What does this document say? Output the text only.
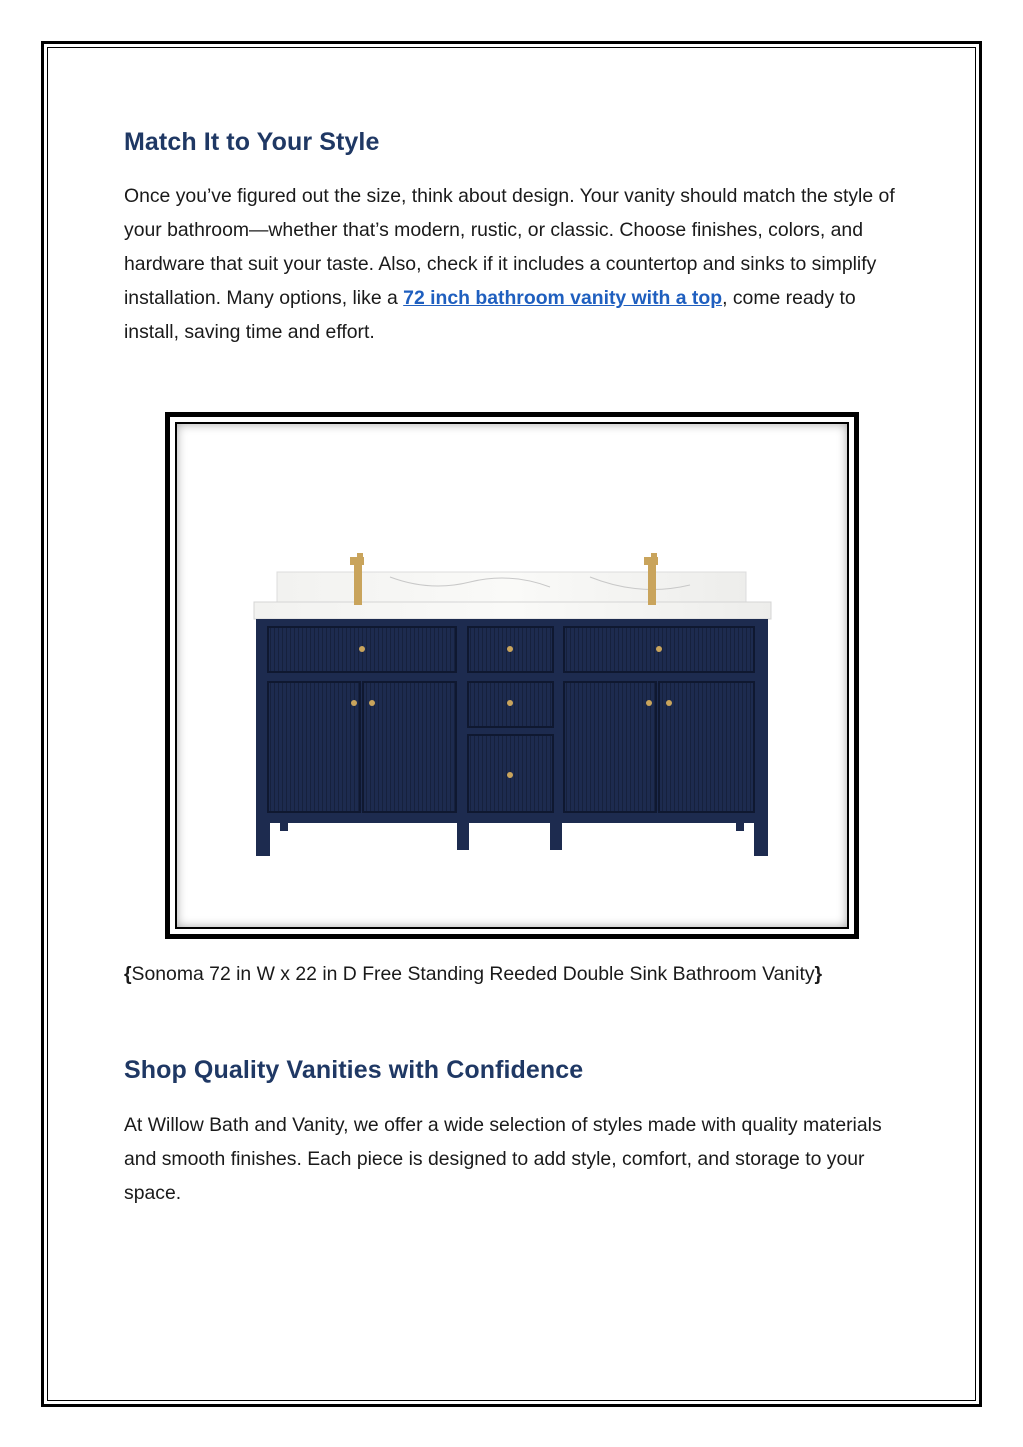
Match It to Your Style

Once you’ve figured out the size, think about design. Your vanity should match the style of your bathroom—whether that’s modern, rustic, or classic. Choose finishes, colors, and hardware that suit your taste. Also, check if it includes a countertop and sinks to simplify installation. Many options, like a 72 inch bathroom vanity with a top, come ready to install, saving time and effort.

Shop Quality Vanities with Confidence

At Willow Bath and Vanity, we offer a wide selection of styles made with quality materials and smooth finishes. Each piece is designed to add style, comfort, and storage to your space.

{Sonoma 72 in W x 22 in D Free Standing Reeded Double Sink Bathroom Vanity}
